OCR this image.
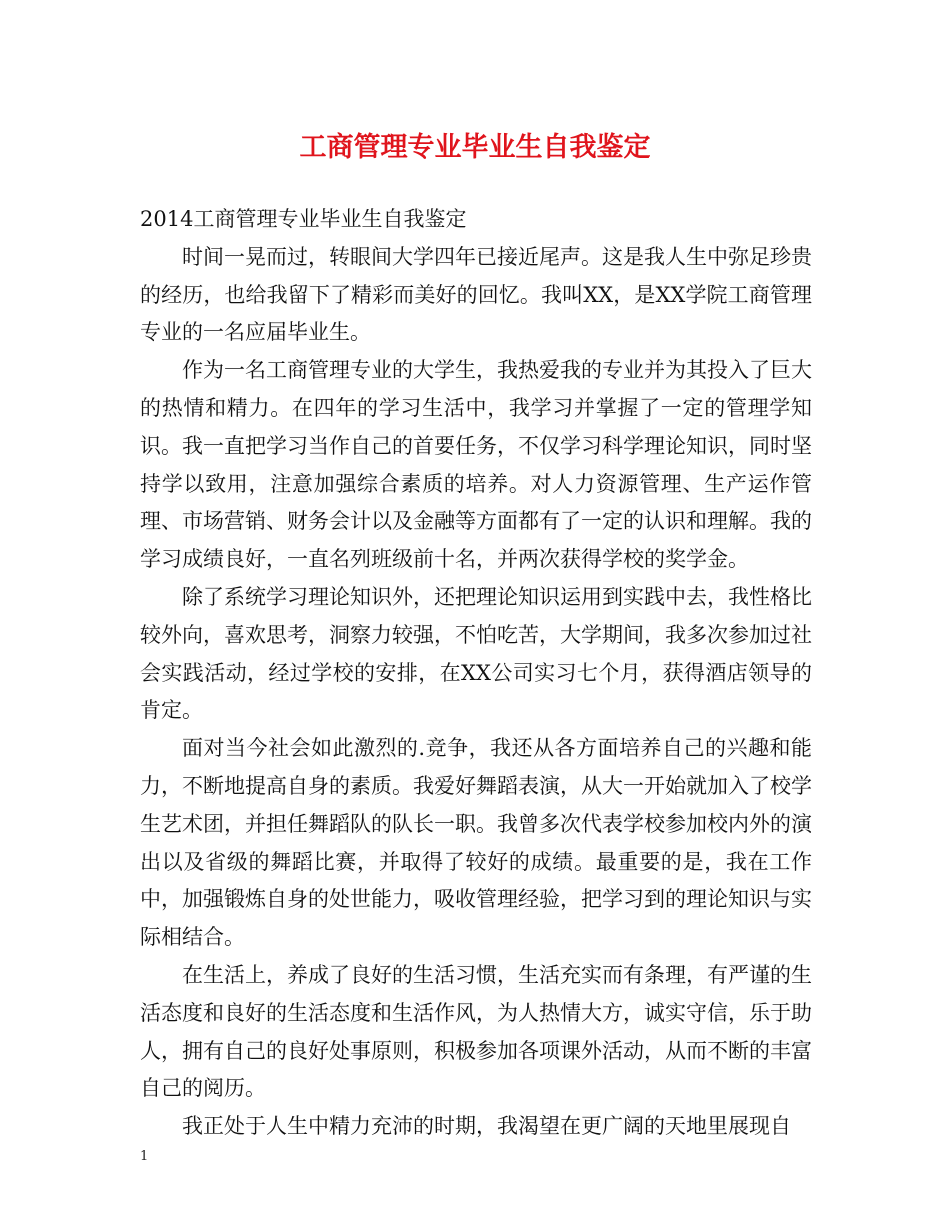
工商管理专业毕业生自我鉴定

2014工商管理专业毕业生自我鉴定

时间一晃而过，转眼间大学四年已接近尾声。这是我人生中弥足珍贵的经历，也给我留下了精彩而美好的回忆。我叫XX，是XX学院工商管理专业的一名应届毕业生。

作为一名工商管理专业的大学生，我热爱我的专业并为其投入了巨大的热情和精力。在四年的学习生活中，我学习并掌握了一定的管理学知识。我一直把学习当作自己的首要任务，不仅学习科学理论知识，同时坚持学以致用，注意加强综合素质的培养。对人力资源管理、生产运作管理、市场营销、财务会计以及金融等方面都有了一定的认识和理解。我的学习成绩良好，一直名列班级前十名，并两次获得学校的奖学金。

除了系统学习理论知识外，还把理论知识运用到实践中去，我性格比较外向，喜欢思考，洞察力较强，不怕吃苦，大学期间，我多次参加过社会实践活动，经过学校的安排，在XX公司实习七个月，获得酒店领导的肯定。

面对当今社会如此激烈的.竞争，我还从各方面培养自己的兴趣和能力，不断地提高自身的素质。我爱好舞蹈表演，从大一开始就加入了校学生艺术团，并担任舞蹈队的队长一职。我曾多次代表学校参加校内外的演出以及省级的舞蹈比赛，并取得了较好的成绩。最重要的是，我在工作中，加强锻炼自身的处世能力，吸收管理经验，把学习到的理论知识与实际相结合。

在生活上，养成了良好的生活习惯，生活充实而有条理，有严谨的生活态度和良好的生活态度和生活作风，为人热情大方，诚实守信，乐于助人，拥有自己的良好处事原则，积极参加各项课外活动，从而不断的丰富自己的阅历。

我正处于人生中精力充沛的时期，我渴望在更广阔的天地里展现自

1
